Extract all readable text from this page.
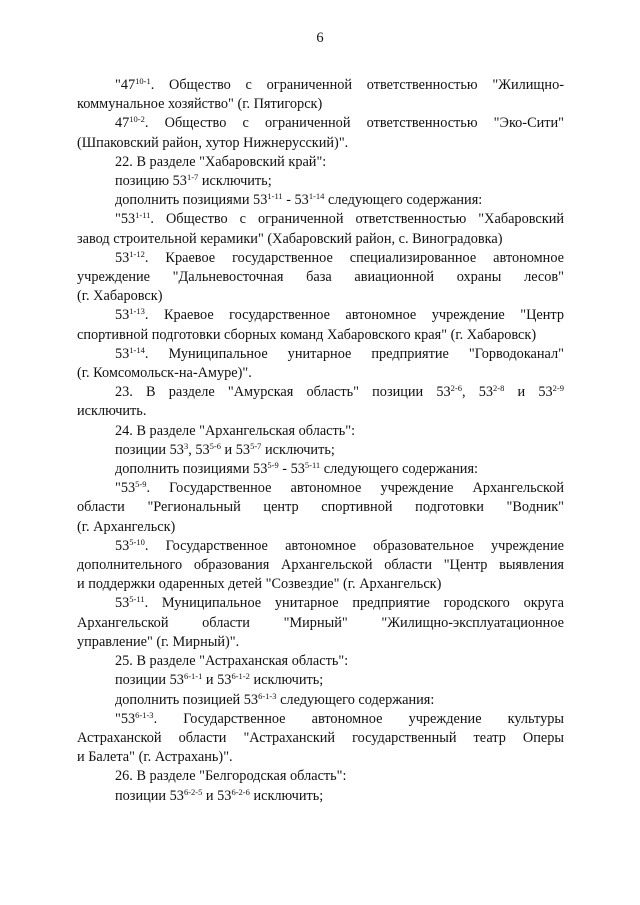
6
"47$^{10-1}$. Общество с ограниченной ответственностью "Жилищно-
коммунальное хозяйство" (г. Пятигорск)
47$^{10-2}$. Общество с ограниченной ответственностью "Эко-Сити"
(Шпаковский район, хутор Нижнерусский)".
22. В разделе "Хабаровский край":
позицию 53$^{1-7}$ исключить;
дополнить позициями 53$^{1-11}$ - 53$^{1-14}$ следующего содержания:
"53$^{1-11}$. Общество с ограниченной ответственностью "Хабаровский
завод строительной керамики" (Хабаровский район, с. Виноградовка)
53$^{1-12}$. Краевое государственное специализированное автономное
учреждение "Дальневосточная база авиационной охраны лесов"
(г. Хабаровск)
53$^{1-13}$. Краевое государственное автономное учреждение "Центр
спортивной подготовки сборных команд Хабаровского края" (г. Хабаровск)
53$^{1-14}$. Муниципальное унитарное предприятие "Горводоканал"
(г. Комсомольск-на-Амуре)".
23. В разделе "Амурская область" позиции 53$^{2-6}$, 53$^{2-8}$ и 53$^{2-9}$
исключить.
24. В разделе "Архангельская область":
позиции $53^3$, 53$^{5-6}$ и 53$^{5-7}$ исключить;
дополнить позициями 53$^{5-9}$ - 53$^{5-11}$ следующего содержания:
"53$^{5-9}$. Государственное автономное учреждение Архангельской
области "Региональный центр спортивной подготовки "Водник"
(г. Архангельск)
53$^{5-10}$. Государственное автономное образовательное учреждение
дополнительного образования Архангельской области "Центр выявления
и поддержки одаренных детей "Созвездие" (г. Архангельск)
53$^{5-11}$. Муниципальное унитарное предприятие городского округа
Архангельской области "Мирный" "Жилищно-эксплуатационное
управление" (г. Мирный)".
25. В разделе "Астраханская область":
позиции 53$^{6-1-1}$ и 53$^{6-1-2}$ исключить;
дополнить позицией 53$^{6-1-3}$ следующего содержания:
"53$^{6-1-3}$. Государственное автономное учреждение культуры
Астраханской области "Астраханский государственный театр Оперы
и Балета" (г. Астрахань)".
26. В разделе "Белгородская область":
позиции 53$^{6-2-5}$ и 53$^{6-2-6}$ исключить;
